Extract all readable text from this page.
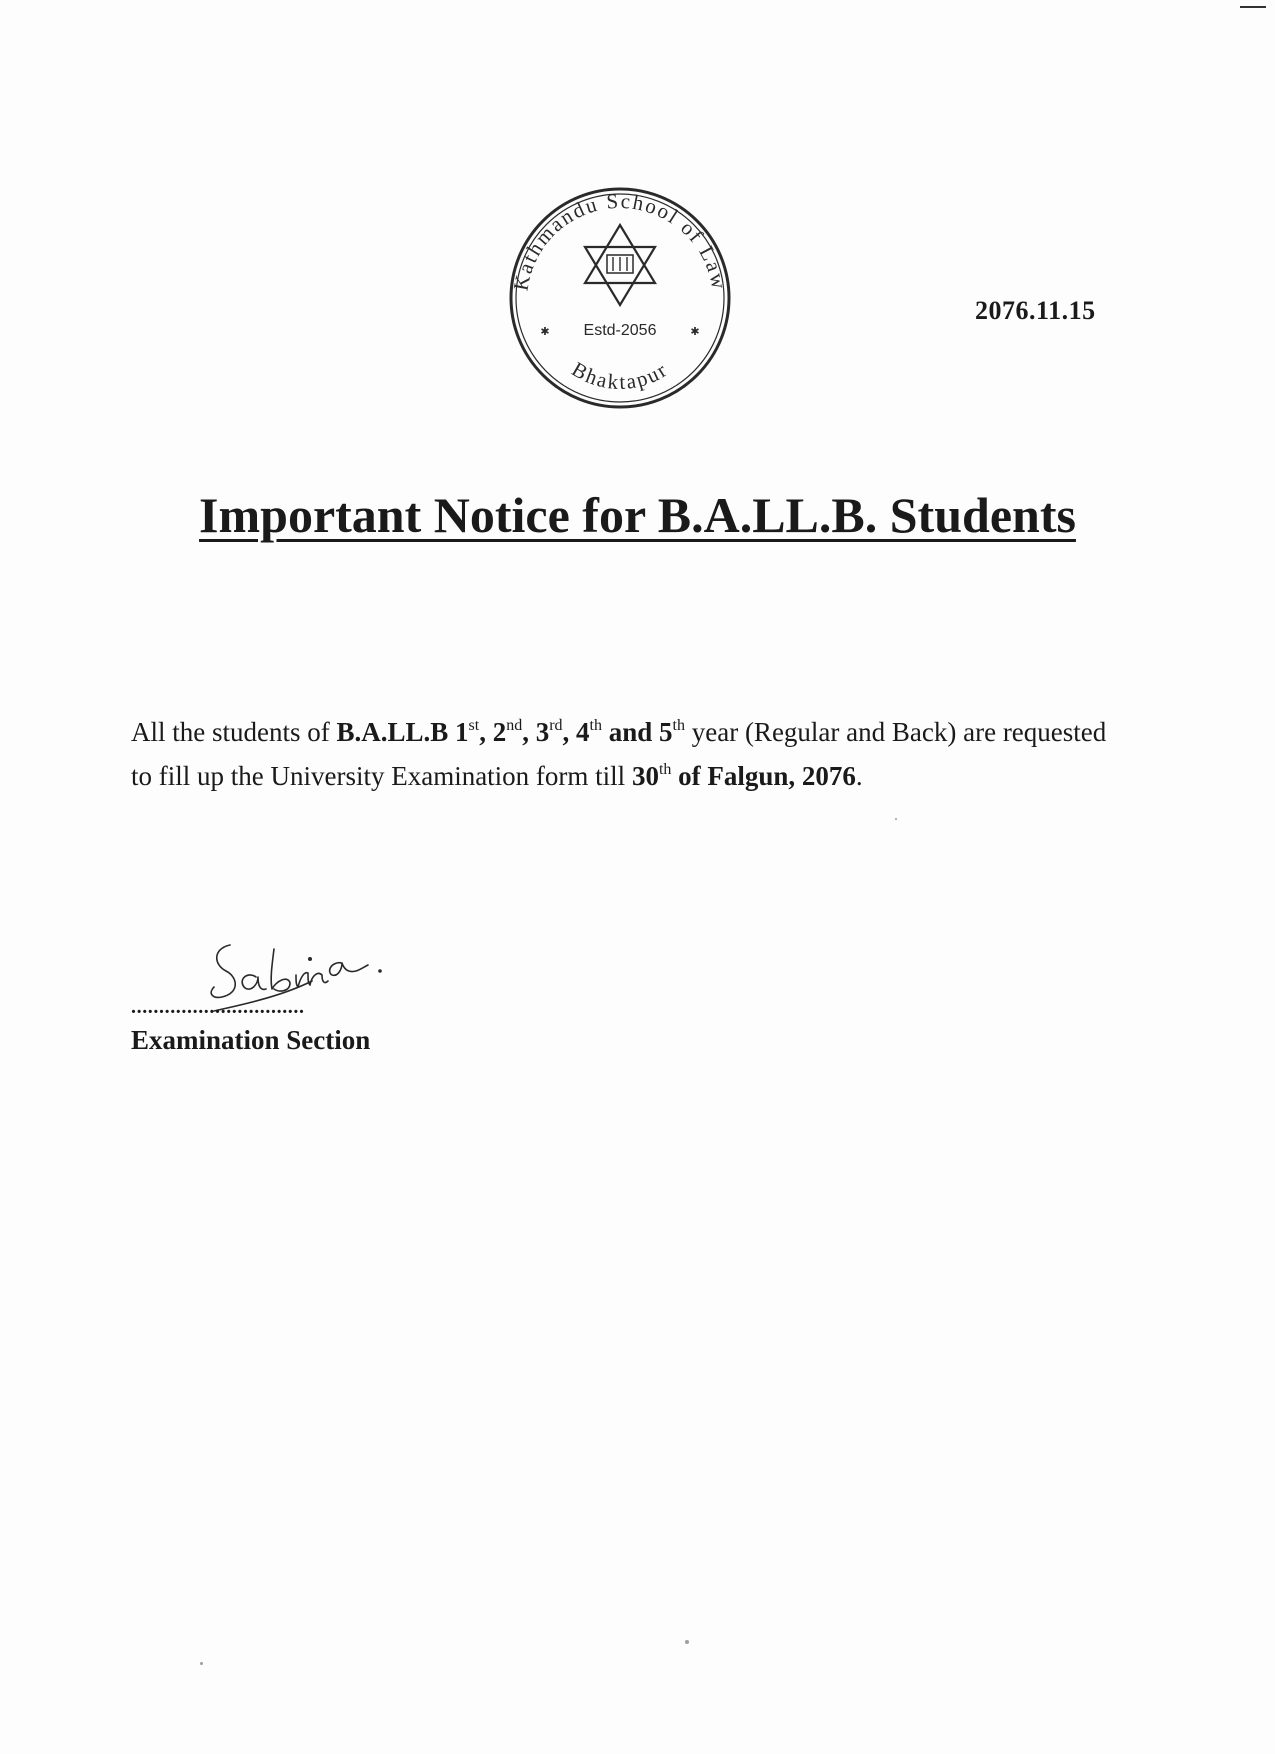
Kathmandu School of Law
Bhaktapur
Estd-2056
✱	✱
2076.11.15
Important Notice for B.A.LL.B. Students

All the students of B.A.LL.B 1st, 2nd, 3rd, 4th and 5th year (Regular and Back) are requested to fill up the University Examination form till 30th of Falgun, 2076.

...............................
Examination Section
